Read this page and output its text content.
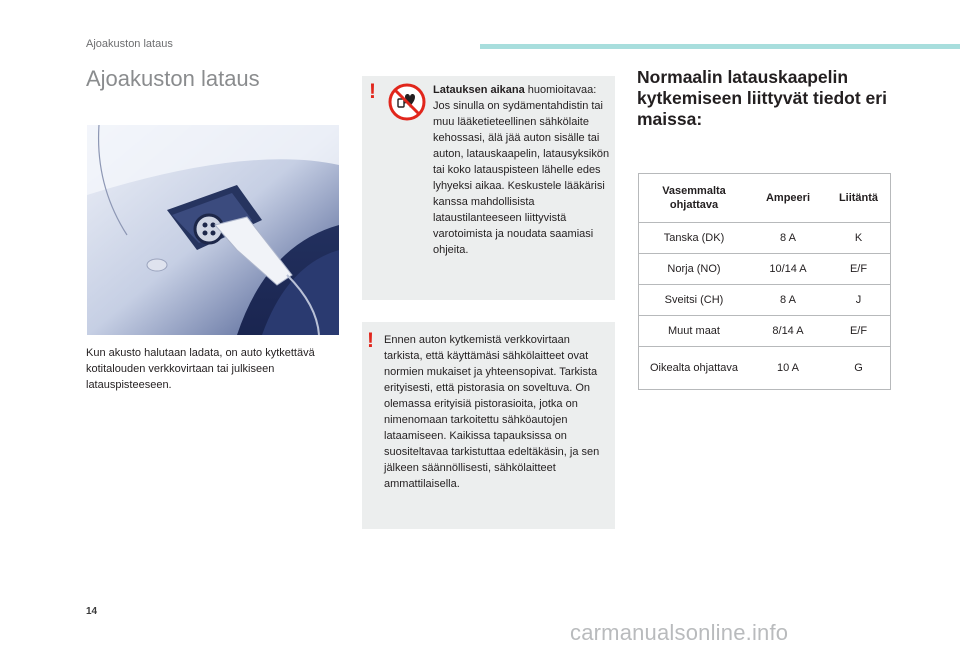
Ajoakuston lataus
Ajoakuston lataus

Kun akusto halutaan ladata, on auto kytkettävä kotitalouden verkkovirtaan tai julkiseen latauspisteeseen.

!	Latauksen aikana huomioitavaa: Jos sinulla on sydämentahdistin tai muu lääketieteellinen sähkölaite kehossasi, älä jää auton sisälle tai auton, latauskaapelin, latausyksikön tai koko latauspisteen lähelle edes lyhyeksi aikaa. Keskustele lääkärisi kanssa mahdollisista lataustilanteeseen liittyvistä varotoimista ja noudata saamiasi ohjeita.

! Ennen auton kytkemistä verkkovirtaan tarkista, että käyttämäsi sähkölaitteet ovat normien mukaiset ja yhteensopivat. Tarkista erityisesti, että pistorasia on soveltuva. On olemassa erityisiä pistorasioita, jotka on nimenomaan tarkoitettu sähköautojen lataamiseen. Kaikissa tapauksissa on suositeltavaa tarkistuttaa edeltäkäsin, ja sen jälkeen säännöllisesti, sähkölaitteet ammattilaisella.

Normaalin latauskaapelin kytkemiseen liittyvät tiedot eri maissa:
Vasemmalta ohjattava	Ampeeri	Liitäntä
Tanska (DK)	8 A	K
Norja (NO)	10/14 A	E/F
Sveitsi (CH)	8 A	J
Muut maat	8/14 A	E/F
Oikealta ohjattava	10 A	G
14
carmanualsonline.info
